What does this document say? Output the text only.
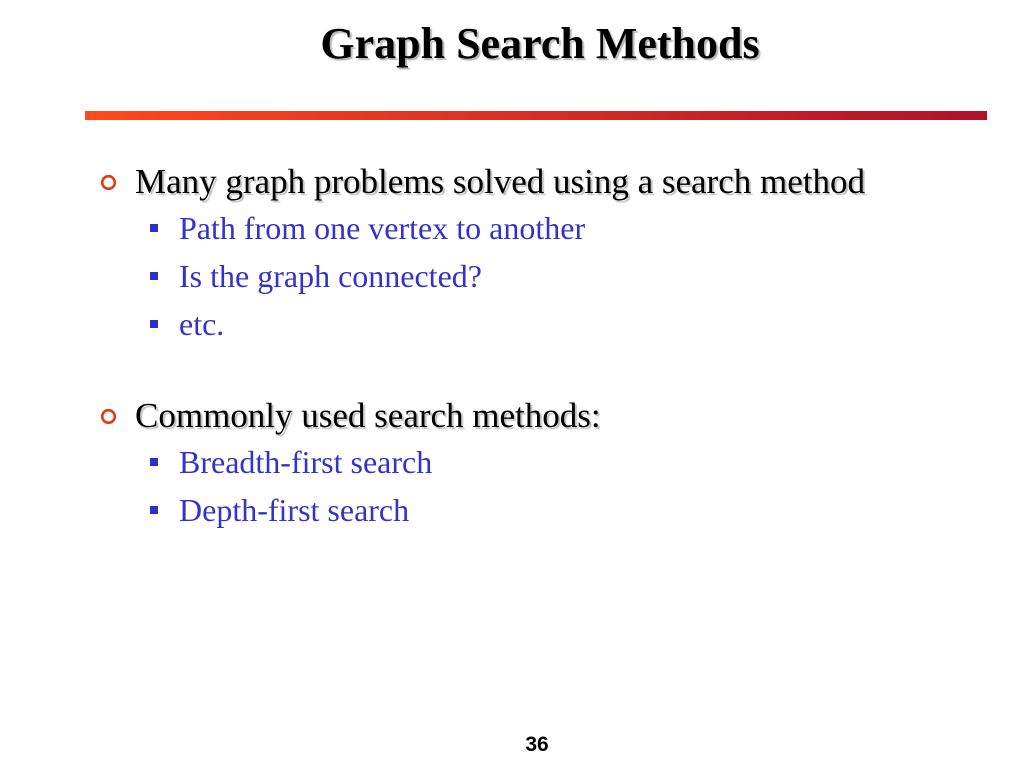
Graph Search Methods
Many graph problems solved using a search method
Path from one vertex to another
Is the graph connected?
etc.
Commonly used search methods:
Breadth-first search
Depth-first search
36
